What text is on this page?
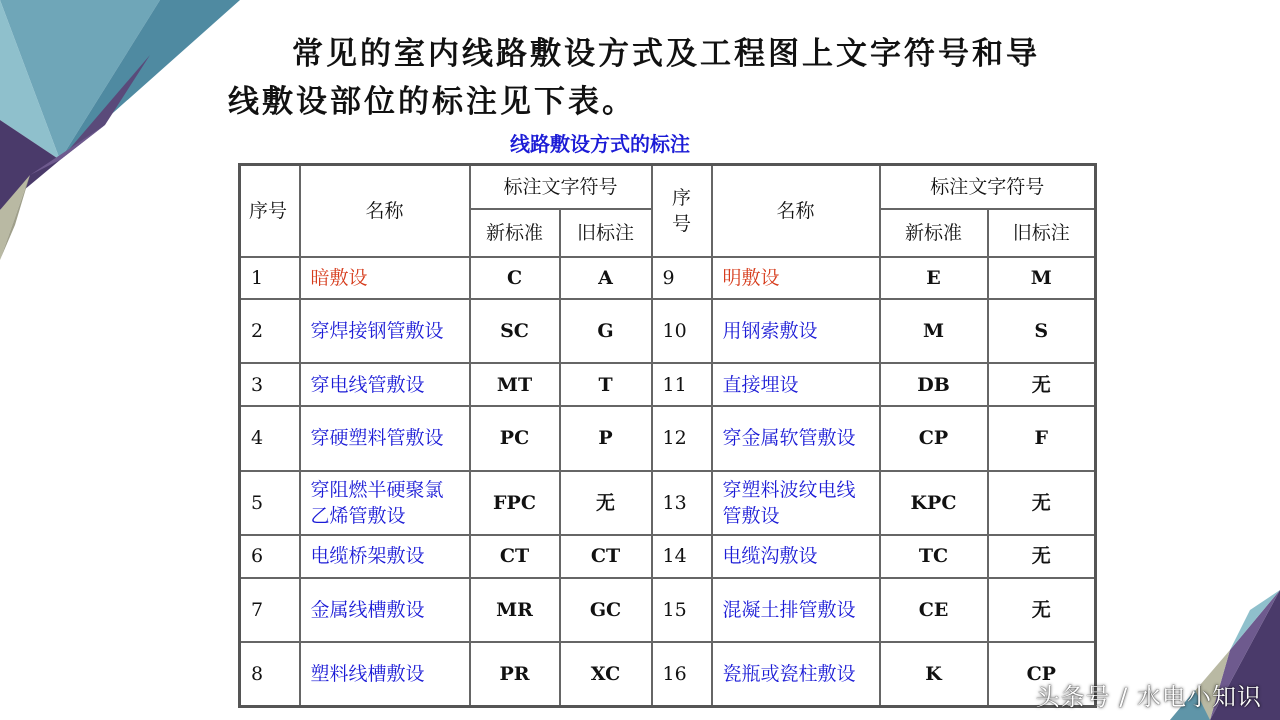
常见的室内线路敷设方式及工程图上文字符号和导
线敷设部位的标注见下表。
线路敷设方式的标注
序号	名称	标注文字符号		序号	名称	标注文字符号	
		新标准	旧标注			新标准	旧标注
1	暗敷设	C	A	9	明敷设	E	M
2	穿焊接钢管敷设	SC	G	10	用钢索敷设	M	S
3	穿电线管敷设	MT	T	11	直接埋设	DB	无
4	穿硬塑料管敷设	PC	P	12	穿金属软管敷设	CP	F
5	穿阻燃半硬聚氯乙烯管敷设	FPC	无	13	穿塑料波纹电线管敷设	KPC	无
6	电缆桥架敷设	CT	CT	14	电缆沟敷设	TC	无
7	金属线槽敷设	MR	GC	15	混凝土排管敷设	CE	无
8	塑料线槽敷设	PR	XC	16	瓷瓶或瓷柱敷设	K	CP
头条号 / 水电小知识
